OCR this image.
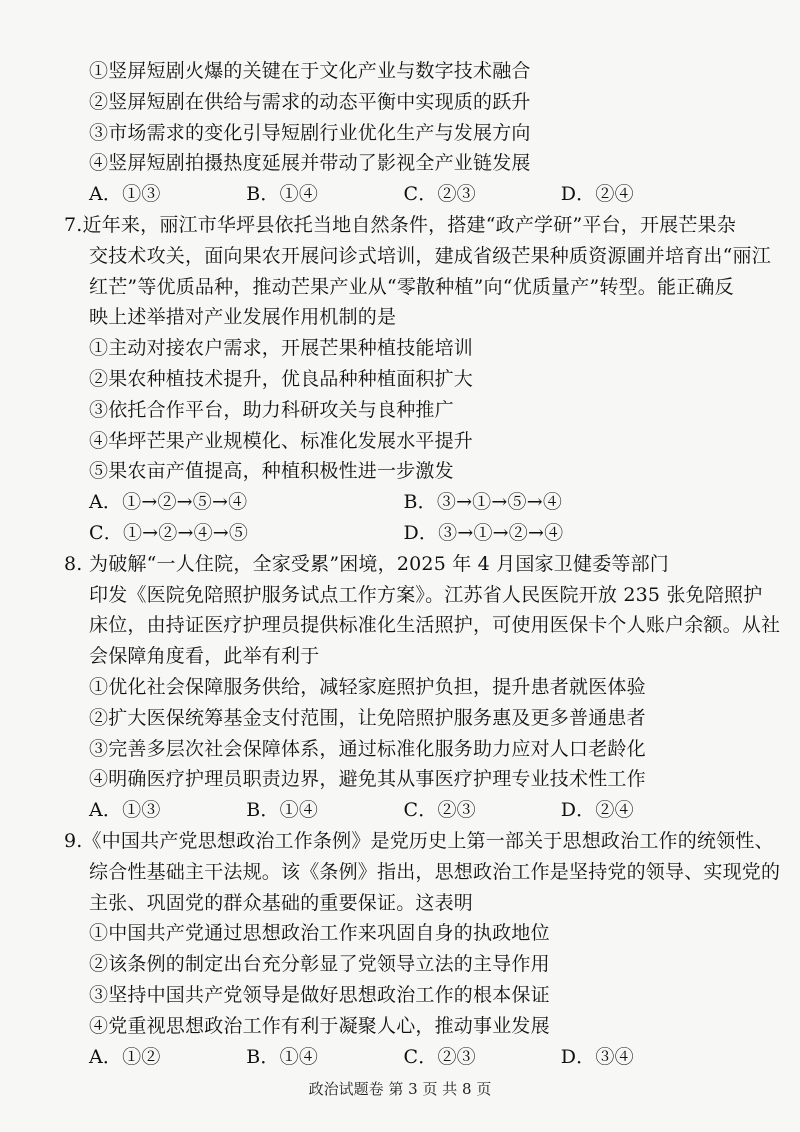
①竖屏短剧火爆的关键在于文化产业与数字技术融合
②竖屏短剧在供给与需求的动态平衡中实现质的跃升
③市场需求的变化引导短剧行业优化生产与发展方向
④竖屏短剧拍摄热度延展并带动了影视全产业链发展
A．①③	B．①④	C．②③	D．②④
7. 近年来，丽江市华坪县依托当地自然条件，搭建“政产学研”平台，开展芒果杂
交技术攻关，面向果农开展问诊式培训，建成省级芒果种质资源圃并培育出“丽江
红芒”等优质品种，推动芒果产业从“零散种植”向“优质量产”转型。能正确反
映上述举措对产业发展作用机制的是
①主动对接农户需求，开展芒果种植技能培训
②果农种植技术提升，优良品种种植面积扩大
③依托合作平台，助力科研攻关与良种推广
④华坪芒果产业规模化、标准化发展水平提升
⑤果农亩产值提高，种植积极性进一步激发
A．①→②→⑤→④	B．③→①→⑤→④
C．①→②→④→⑤	D．③→①→②→④
8. 为破解“一人住院，全家受累”困境，2025 年 4 月国家卫健委等部门
印发《医院免陪照护服务试点工作方案》。江苏省人民医院开放 235 张免陪照护
床位，由持证医疗护理员提供标准化生活照护，可使用医保卡个人账户余额。从社
会保障角度看，此举有利于
①优化社会保障服务供给，减轻家庭照护负担，提升患者就医体验
②扩大医保统筹基金支付范围，让免陪照护服务惠及更多普通患者
③完善多层次社会保障体系，通过标准化服务助力应对人口老龄化
④明确医疗护理员职责边界，避免其从事医疗护理专业技术性工作
A．①③	B．①④	C．②③	D．②④
9. 《中国共产党思想政治工作条例》是党历史上第一部关于思想政治工作的统领性、
综合性基础主干法规。该《条例》指出，思想政治工作是坚持党的领导、实现党的
主张、巩固党的群众基础的重要保证。这表明
①中国共产党通过思想政治工作来巩固自身的执政地位
②该条例的制定出台充分彰显了党领导立法的主导作用
③坚持中国共产党领导是做好思想政治工作的根本保证
④党重视思想政治工作有利于凝聚人心，推动事业发展
A．①②	B．①④	C．②③	D．③④
政治试题卷 第 3 页 共 8 页
